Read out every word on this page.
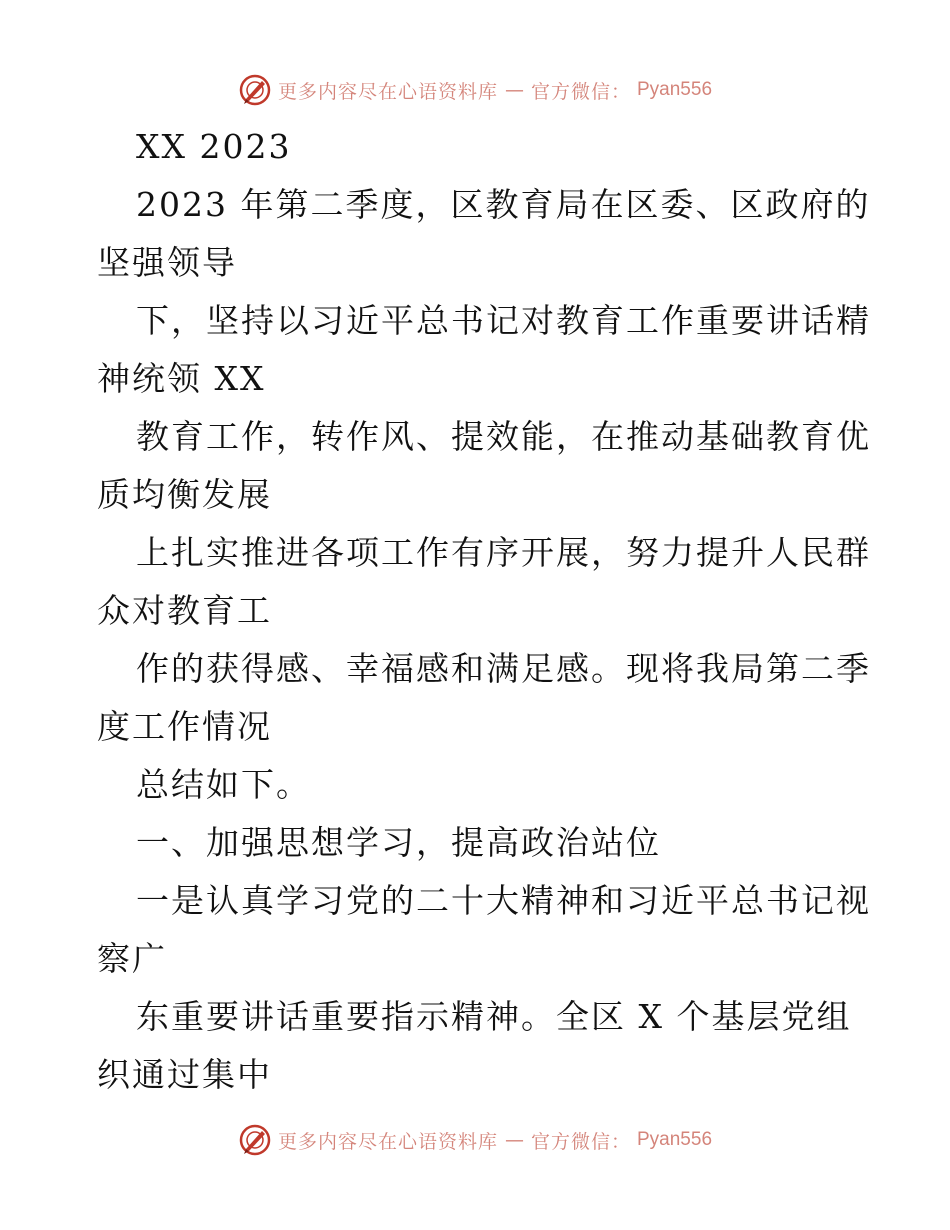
更多内容尽在心语资料库 — 官方微信： Pyan556
XX 2023
2023 年第二季度，区教育局在区委、区政府的
坚强领导
下，坚持以习近平总书记对教育工作重要讲话精
神统领 XX
教育工作，转作风、提效能，在推动基础教育优
质均衡发展
上扎实推进各项工作有序开展，努力提升人民群
众对教育工
作的获得感、幸福感和满足感。现将我局第二季
度工作情况
总结如下。
一、加强思想学习，提高政治站位
一是认真学习党的二十大精神和习近平总书记视
察广
东重要讲话重要指示精神。全区 X 个基层党组
织通过集中
更多内容尽在心语资料库 — 官方微信： Pyan556
